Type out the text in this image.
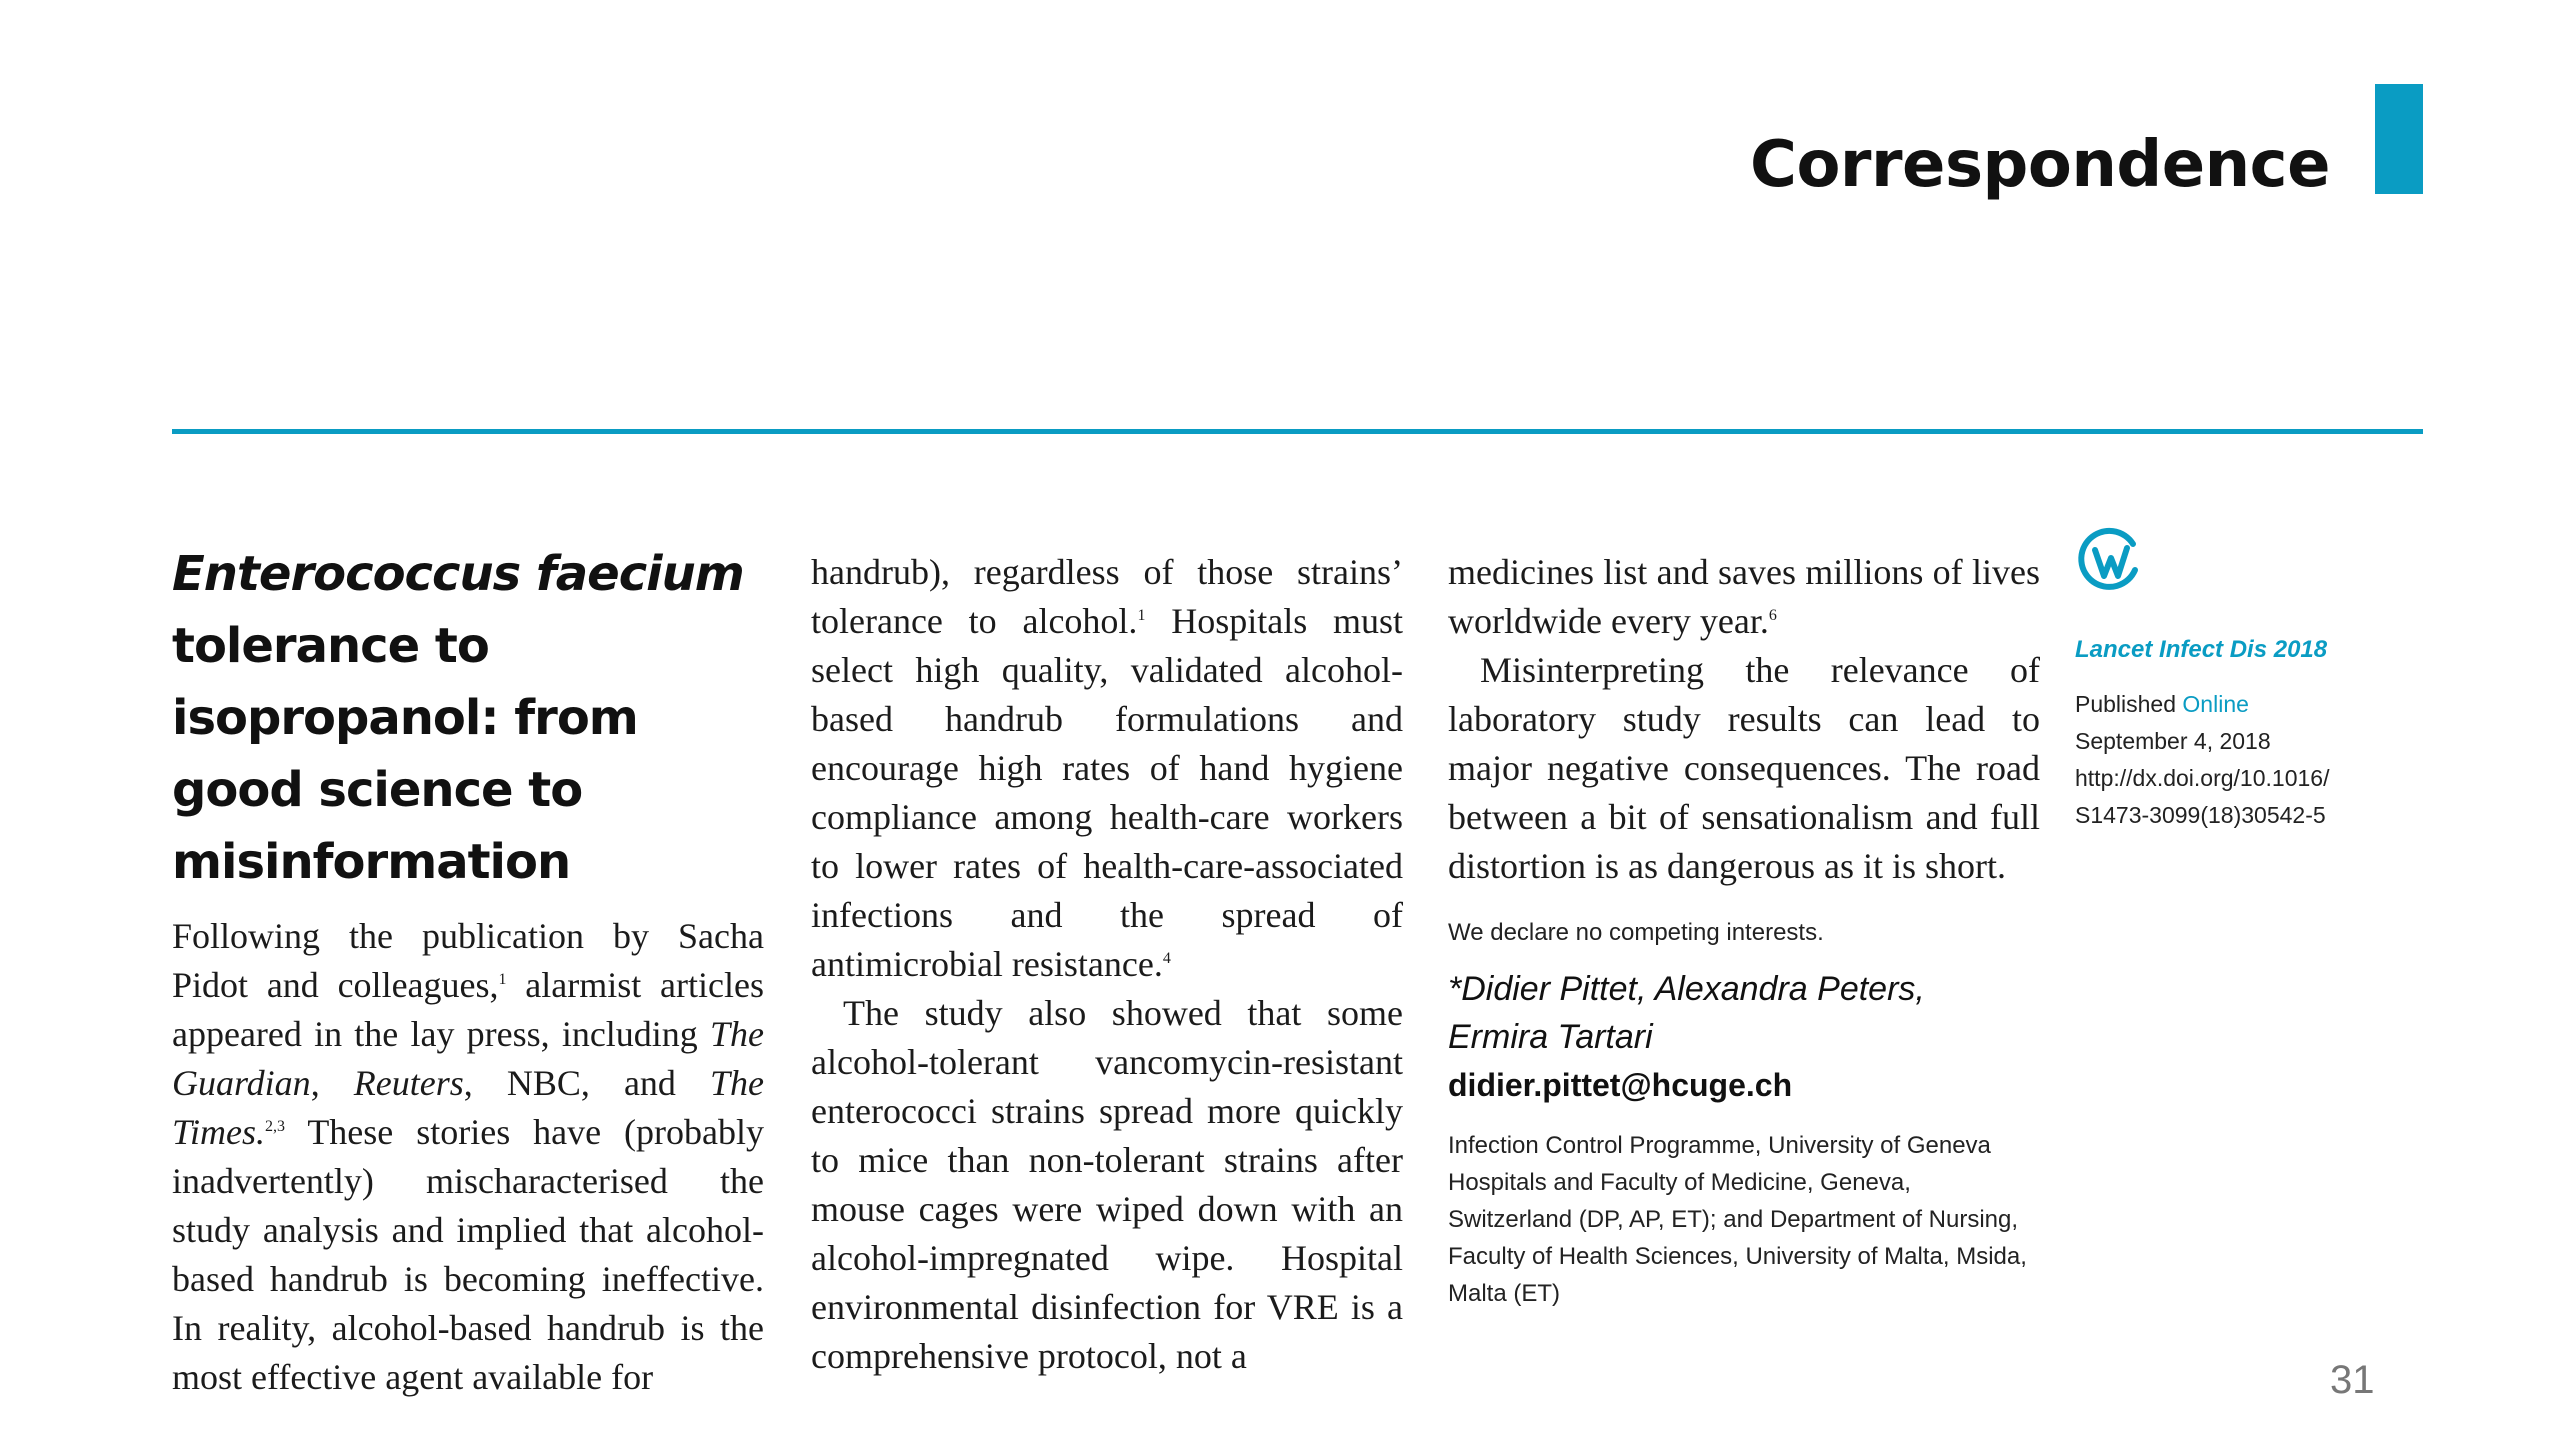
Correspondence
Enterococcus faecium
tolerance to isopropanol: from good science to misinformation

Following the publication by Sacha Pidot and colleagues,$^1$ alarmist articles appeared in the lay press, including The Guardian, Reuters, NBC, and The Times.$^{2,3}$ These stories have (probably inadvertently) mischaracterised the study analysis and implied that alcohol-based handrub is becoming ineffective. In reality, alcohol-based handrub is the most effective agent available for

handrub), regardless of those strains’ tolerance to alcohol.$^1$ Hospitals must select high quality, validated alcohol-based handrub formulations and encourage high rates of hand hygiene compliance among health-care workers to lower rates of health-care-associated infections and the spread of antimicrobial resistance.$^4$

The study also showed that some alcohol-tolerant vancomycin-resistant enterococci strains spread more quickly to mice than non-tolerant strains after mouse cages were wiped down with an alcohol-impregnated wipe. Hospital environmental disinfection for VRE is a comprehensive protocol, not a

medicines list and saves millions of lives worldwide every year.$^6$

Misinterpreting the relevance of laboratory study results can lead to major negative consequences. The road between a bit of sensationalism and full distortion is as dangerous as it is short.

We declare no competing interests.

*Didier Pittet, Alexandra Peters,
Ermira Tartari

didier.pittet@hcuge.ch

Infection Control Programme, University of Geneva Hospitals and Faculty of Medicine, Geneva, Switzerland (DP, AP, ET); and Department of Nursing, Faculty of Health Sciences, University of Malta, Msida, Malta (ET)

Lancet Infect Dis 2018

Published Online
September 4, 2018
http://dx.doi.org/10.1016/
S1473-3099(18)30542-5

31
